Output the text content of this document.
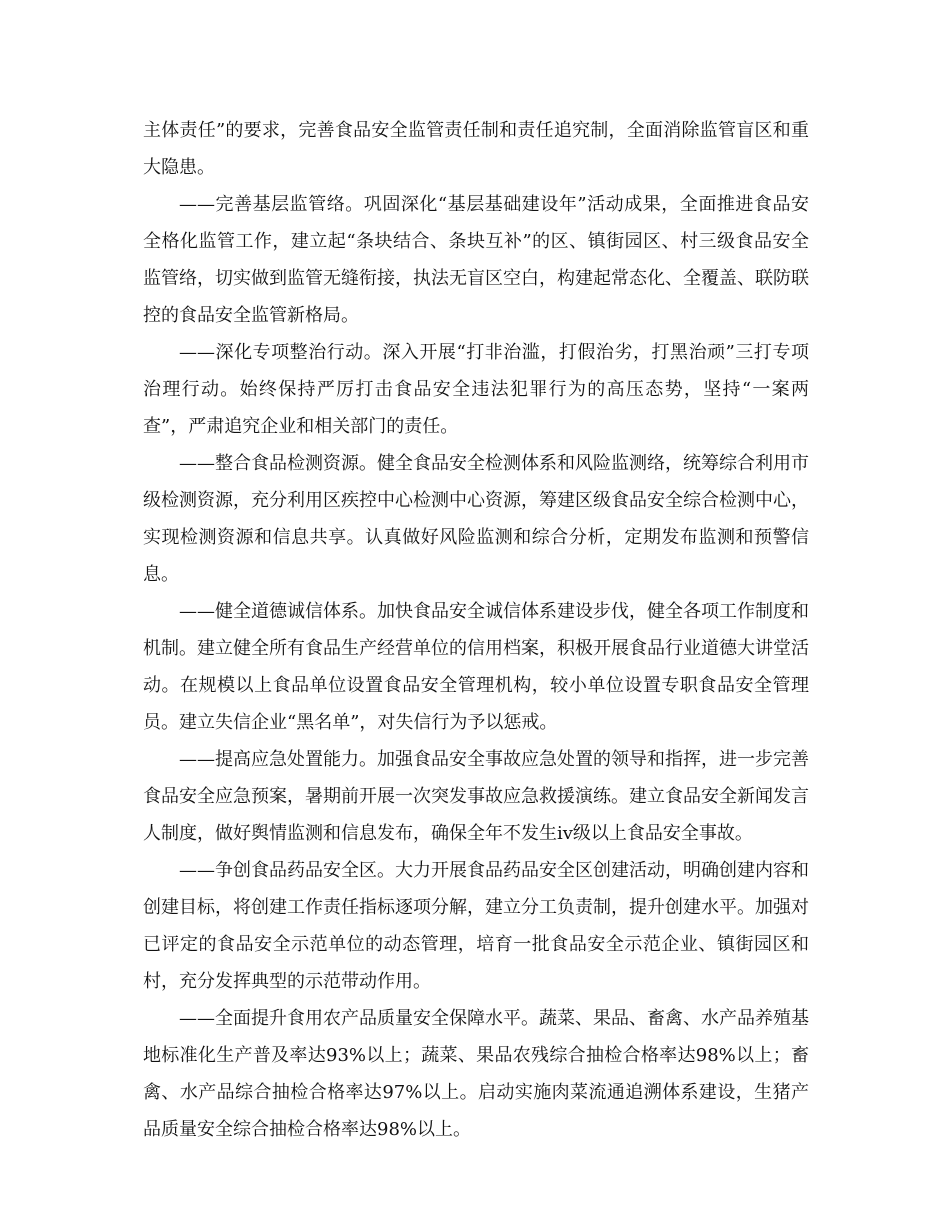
主体责任”的要求，完善食品安全监管责任制和责任追究制，全面消除监管盲区和重大隐患。

——完善基层监管络。巩固深化“基层基础建设年”活动成果，全面推进食品安全格化监管工作，建立起“条块结合、条块互补”的区、镇街园区、村三级食品安全监管络，切实做到监管无缝衔接，执法无盲区空白，构建起常态化、全覆盖、联防联控的食品安全监管新格局。

——深化专项整治行动。深入开展“打非治滥，打假治劣，打黑治顽”三打专项治理行动。始终保持严厉打击食品安全违法犯罪行为的高压态势，坚持“一案两查”，严肃追究企业和相关部门的责任。

——整合食品检测资源。健全食品安全检测体系和风险监测络，统筹综合利用市级检测资源，充分利用区疾控中心检测中心资源，筹建区级食品安全综合检测中心，实现检测资源和信息共享。认真做好风险监测和综合分析，定期发布监测和预警信息。

——健全道德诚信体系。加快食品安全诚信体系建设步伐，健全各项工作制度和机制。建立健全所有食品生产经营单位的信用档案，积极开展食品行业道德大讲堂活动。在规模以上食品单位设置食品安全管理机构，较小单位设置专职食品安全管理员。建立失信企业“黑名单”，对失信行为予以惩戒。

——提高应急处置能力。加强食品安全事故应急处置的领导和指挥，进一步完善食品安全应急预案，暑期前开展一次突发事故应急救援演练。建立食品安全新闻发言人制度，做好舆情监测和信息发布，确保全年不发生ⅳ级以上食品安全事故。

——争创食品药品安全区。大力开展食品药品安全区创建活动，明确创建内容和创建目标，将创建工作责任指标逐项分解，建立分工负责制，提升创建水平。加强对已评定的食品安全示范单位的动态管理，培育一批食品安全示范企业、镇街园区和村，充分发挥典型的示范带动作用。

——全面提升食用农产品质量安全保障水平。蔬菜、果品、畜禽、水产品养殖基地标准化生产普及率达93%以上；蔬菜、果品农残综合抽检合格率达98%以上；畜禽、水产品综合抽检合格率达97%以上。启动实施肉菜流通追溯体系建设，生猪产品质量安全综合抽检合格率达98%以上。
